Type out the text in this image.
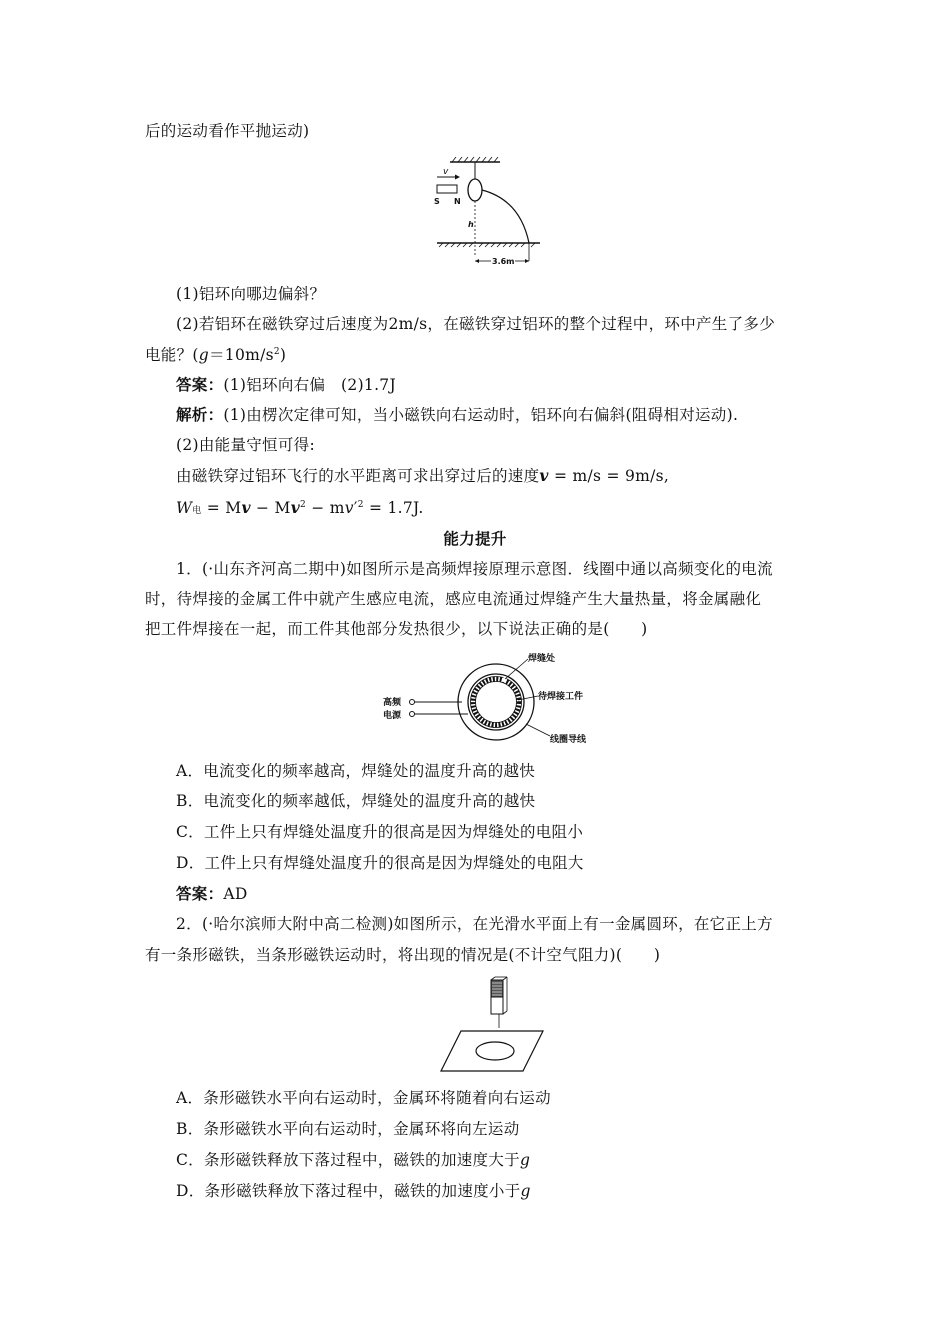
后的运动看作平抛运动)
v
S N
h
3.6m
(1)铝环向哪边偏斜？
(2)若铝环在磁铁穿过后速度为2m/s，在磁铁穿过铝环的整个过程中，环中产生了多少
电能？$(g=10m/s^2)$
答案：(1)铝环向右偏　(2)1.7J
解析：(1)由楞次定律可知，当小磁铁向右运动时，铝环向右偏斜(阻碍相对运动).
(2)由能量守恒可得:
由磁铁穿过铝环飞行的水平距离可求出穿过后的速度v = m/s = 9m/s,
W电 = $Mv - Mv^2 - mv'^2 = 1.7J$.
能力提升
1．(·山东齐河高二期中)如图所示是高频焊接原理示意图．线圈中通以高频变化的电流
时，待焊接的金属工件中就产生感应电流，感应电流通过焊缝产生大量热量，将金属融化
把工件焊接在一起，而工件其他部分发热很少，以下说法正确的是(　　)
高频
电源
焊缝处
待焊接工件
线圈导线
A．电流变化的频率越高，焊缝处的温度升高的越快
B．电流变化的频率越低，焊缝处的温度升高的越快
C．工件上只有焊缝处温度升的很高是因为焊缝处的电阻小
D．工件上只有焊缝处温度升的很高是因为焊缝处的电阻大
答案：AD
2．(·哈尔滨师大附中高二检测)如图所示，在光滑水平面上有一金属圆环，在它正上方
有一条形磁铁，当条形磁铁运动时，将出现的情况是(不计空气阻力)(　　)
A．条形磁铁水平向右运动时，金属环将随着向右运动
B．条形磁铁水平向右运动时，金属环将向左运动
C．条形磁铁释放下落过程中，磁铁的加速度大于g
D．条形磁铁释放下落过程中，磁铁的加速度小于g
